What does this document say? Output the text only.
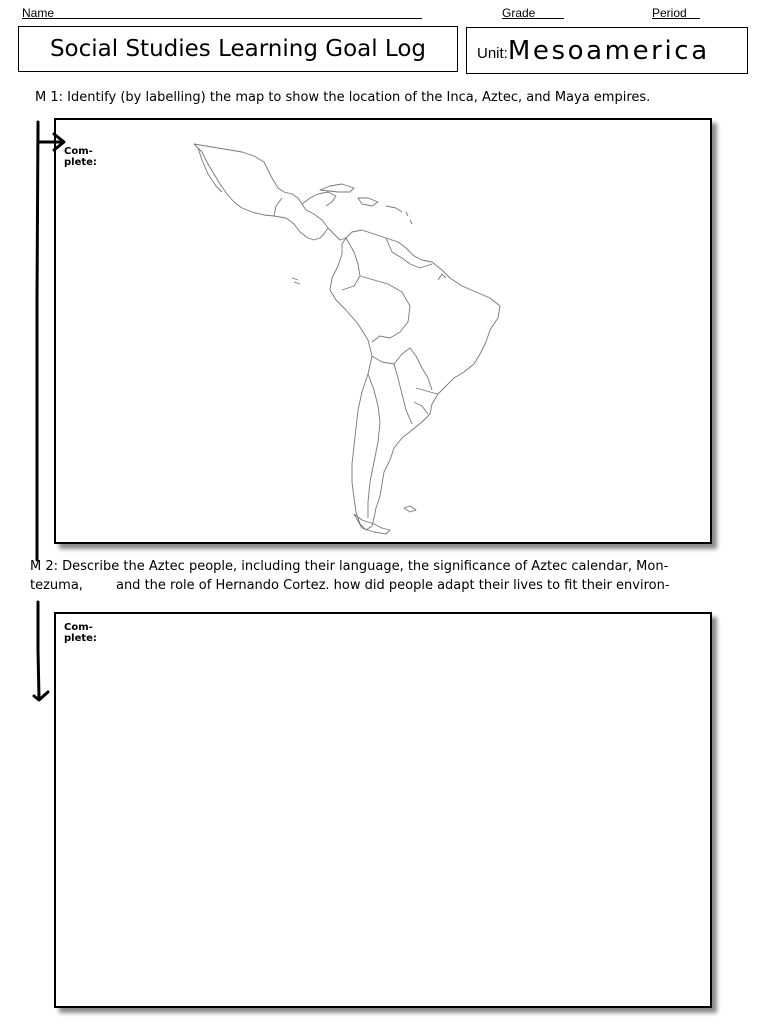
Name	Grade	Period
Social Studies Learning Goal Log	Unit: Mesoamerica
M 1: Identify (by labelling) the map to show the location of the Inca, Aztec, and Maya empires.
Com-
plete:
M 2: Describe the Aztec people, including their language, the significance of Aztec calendar, Mon-
tezuma,        and the role of Hernando Cortez. how did people adapt their lives to fit their environ-
Com-
plete:
